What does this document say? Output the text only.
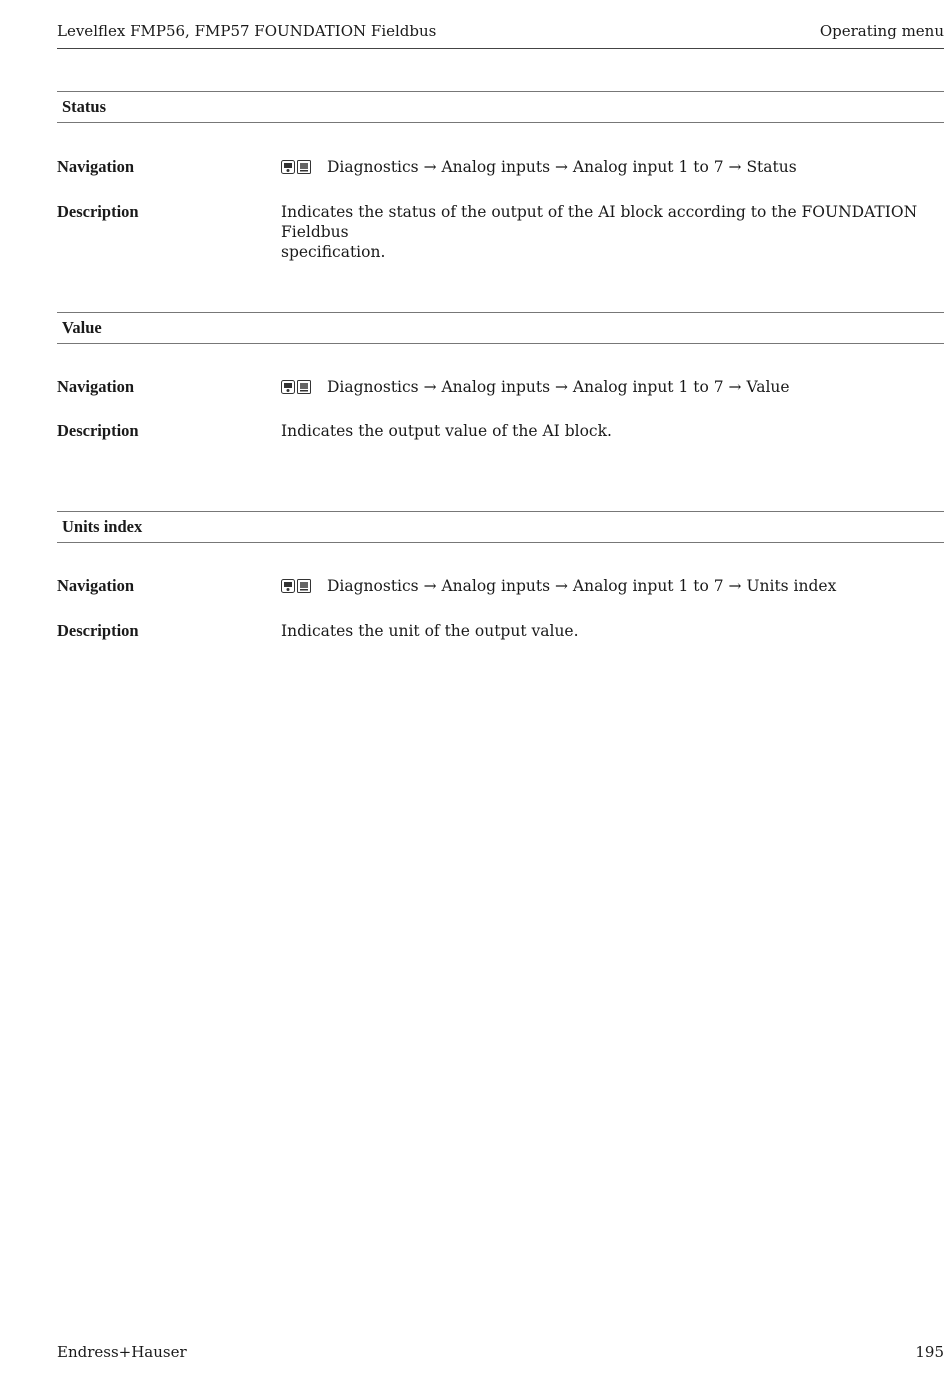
Levelflex FMP56, FMP57 FOUNDATION Fieldbus	Operating menu
Status
Navigation	Diagnostics → Analog inputs → Analog input 1 to 7 → Status
Description	Indicates the status of the output of the AI block according to the FOUNDATION Fieldbus
specification.
Value
Navigation	Diagnostics → Analog inputs → Analog input 1 to 7 → Value
Description	Indicates the output value of the AI block.
Units index
Navigation	Diagnostics → Analog inputs → Analog input 1 to 7 → Units index
Description	Indicates the unit of the output value.
Endress+Hauser	195
